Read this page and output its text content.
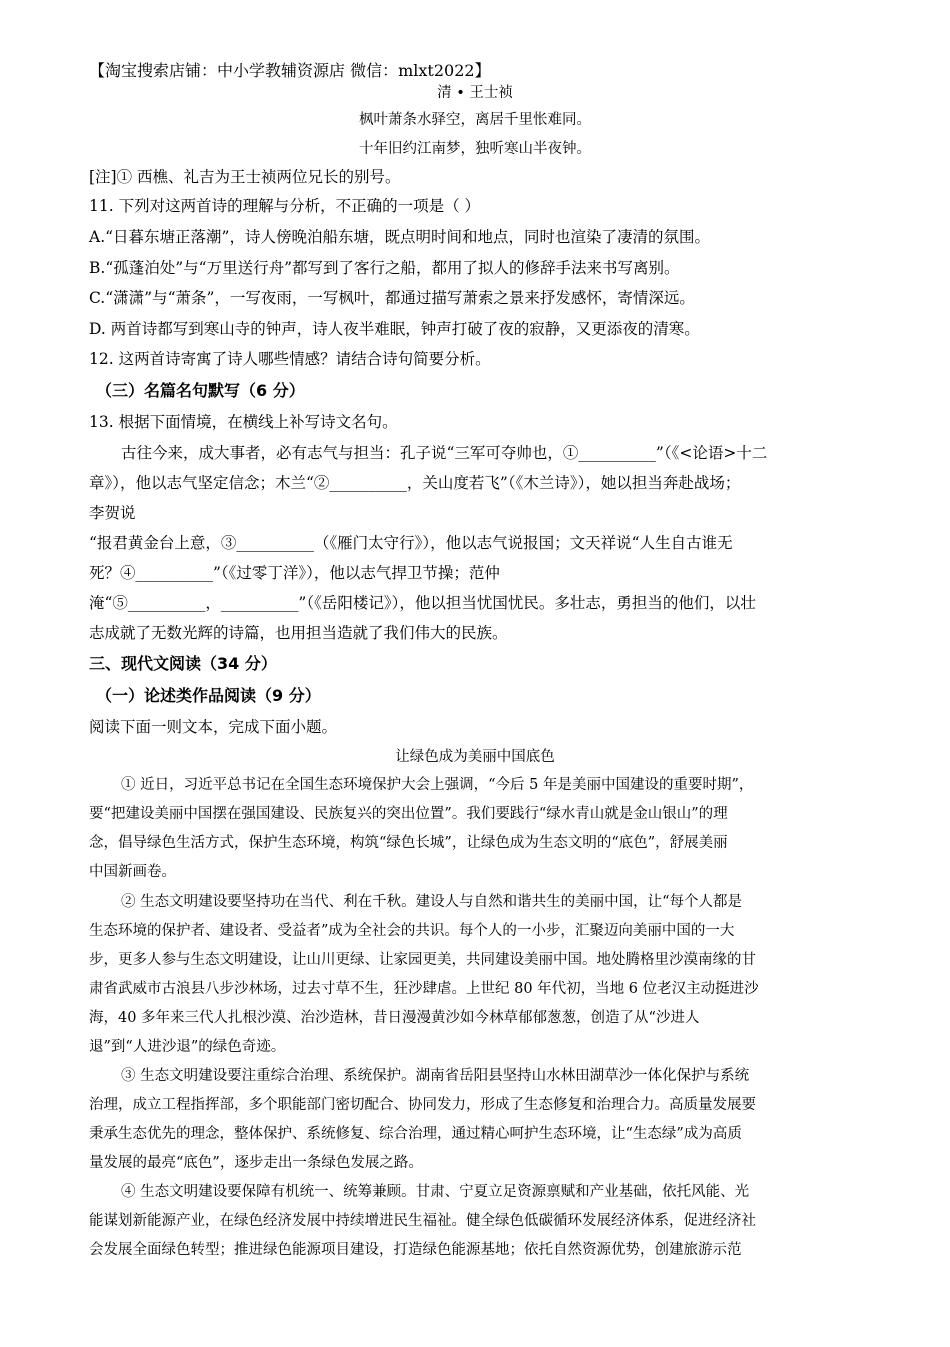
【淘宝搜索店铺：中小学教辅资源店 微信：mlxt2022】
清 • 王士祯
枫叶萧条水驿空，离居千里怅难同。
十年旧约江南梦，独听寒山半夜钟。
[注]① 西樵、礼吉为王士祯两位兄长的别号。
11. 下列对这两首诗的理解与分析，不正确的一项是（ ）
A.“日暮东塘正落潮”，诗人傍晚泊船东塘，既点明时间和地点，同时也渲染了凄清的氛围。
B.“孤蓬泊处”与“万里送行舟”都写到了客行之船，都用了拟人的修辞手法来书写离别。
C.“潇潇”与“萧条”，一写夜雨，一写枫叶，都通过描写萧索之景来抒发感怀，寄情深远。
D. 两首诗都写到寒山寺的钟声，诗人夜半难眠，钟声打破了夜的寂静，又更添夜的清寒。
12. 这两首诗寄寓了诗人哪些情感？请结合诗句简要分析。
（三）名篇名句默写（6 分）
13. 根据下面情境，在横线上补写诗文名句。
古往今来，成大事者，必有志气与担当：孔子说“三军可夺帅也，①__________”（《<论语>十二
章》），他以志气坚定信念；木兰“②__________，关山度若飞”（《木兰诗》），她以担当奔赴战场；
李贺说
“报君黄金台上意，③__________（《雁门太守行》），他以志气说报国；文天祥说“人生自古谁无
死？④__________”（《过零丁洋》），他以志气捍卫节操；范仲
淹“⑤__________，__________”（《岳阳楼记》），他以担当忧国忧民。多壮志，勇担当的他们，以壮
志成就了无数光辉的诗篇，也用担当造就了我们伟大的民族。
三、现代文阅读（34 分）
（一）论述类作品阅读（9 分）
阅读下面一则文本，完成下面小题。
让绿色成为美丽中国底色
① 近日，习近平总书记在全国生态环境保护大会上强调，“今后 5 年是美丽中国建设的重要时期”，
要“把建设美丽中国摆在强国建设、民族复兴的突出位置”。我们要践行“绿水青山就是金山银山”的理
念，倡导绿色生活方式，保护生态环境，构筑“绿色长城”，让绿色成为生态文明的“底色”，舒展美丽
中国新画卷。
② 生态文明建设要坚持功在当代、利在千秋。建设人与自然和谐共生的美丽中国，让“每个人都是
生态环境的保护者、建设者、受益者”成为全社会的共识。每个人的一小步，汇聚迈向美丽中国的一大
步，更多人参与生态文明建设，让山川更绿、让家园更美，共同建设美丽中国。地处腾格里沙漠南缘的甘
肃省武威市古浪县八步沙林场，过去寸草不生，狂沙肆虐。上世纪 80 年代初，当地 6 位老汉主动挺进沙
海，40 多年来三代人扎根沙漠、治沙造林，昔日漫漫黄沙如今林草郁郁葱葱，创造了从“沙进人
退”到“人进沙退”的绿色奇迹。
③ 生态文明建设要注重综合治理、系统保护。湖南省岳阳县坚持山水林田湖草沙一体化保护与系统
治理，成立工程指挥部，多个职能部门密切配合、协同发力，形成了生态修复和治理合力。高质量发展要
秉承生态优先的理念，整体保护、系统修复、综合治理，通过精心呵护生态环境，让“生态绿”成为高质
量发展的最亮“底色”，逐步走出一条绿色发展之路。
④ 生态文明建设要保障有机统一、统筹兼顾。甘肃、宁夏立足资源禀赋和产业基础，依托风能、光
能谋划新能源产业，在绿色经济发展中持续增进民生福祉。健全绿色低碳循环发展经济体系，促进经济社
会发展全面绿色转型；推进绿色能源项目建设，打造绿色能源基地；依托自然资源优势，创建旅游示范
